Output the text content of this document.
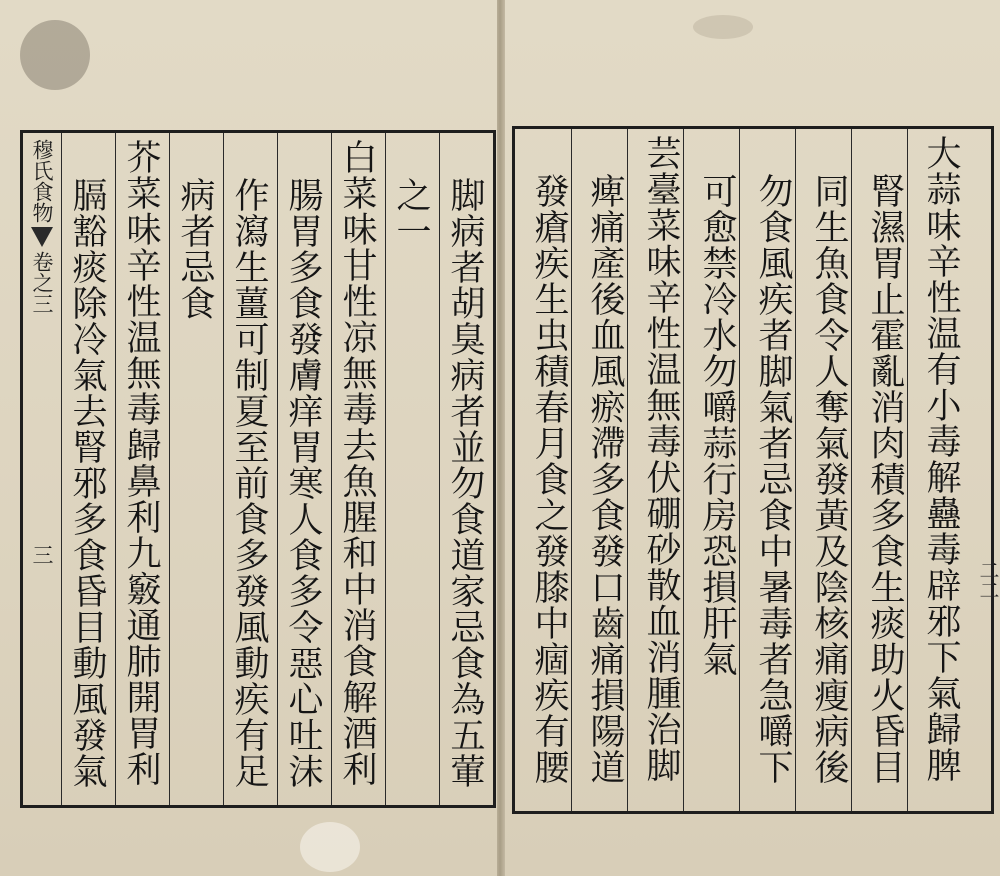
大蒜味辛性温有小毒解蠱毒辟邪下氣歸脾
腎濕胃止霍亂消肉積多食生痰助火昏目
同生魚食令人奪氣發黃及陰核痛瘦病後
勿食風疾者脚氣者忌食中暑毒者急嚼下
可愈禁冷水勿嚼蒜行房恐損肝氣
芸臺菜味辛性温無毒伏硼砂散血消腫治脚
痺痛產後血風瘀滯多食發口齒痛損陽道
發瘡疾生虫積春月食之發膝中痼疾有腰	二二
穆氏食物
卷之三
三	脚病者胡臭病者並勿食道家忌食為五葷
之一
白菜味甘性凉無毒去魚腥和中消食解酒利
腸胃多食發膚痒胃寒人食多令惡心吐沫
作瀉生薑可制夏至前食多發風動疾有足
病者忌食
芥菜味辛性温無毒歸鼻利九竅通肺開胃利
膈豁痰除冷氣去腎邪多食昏目動風發氣
